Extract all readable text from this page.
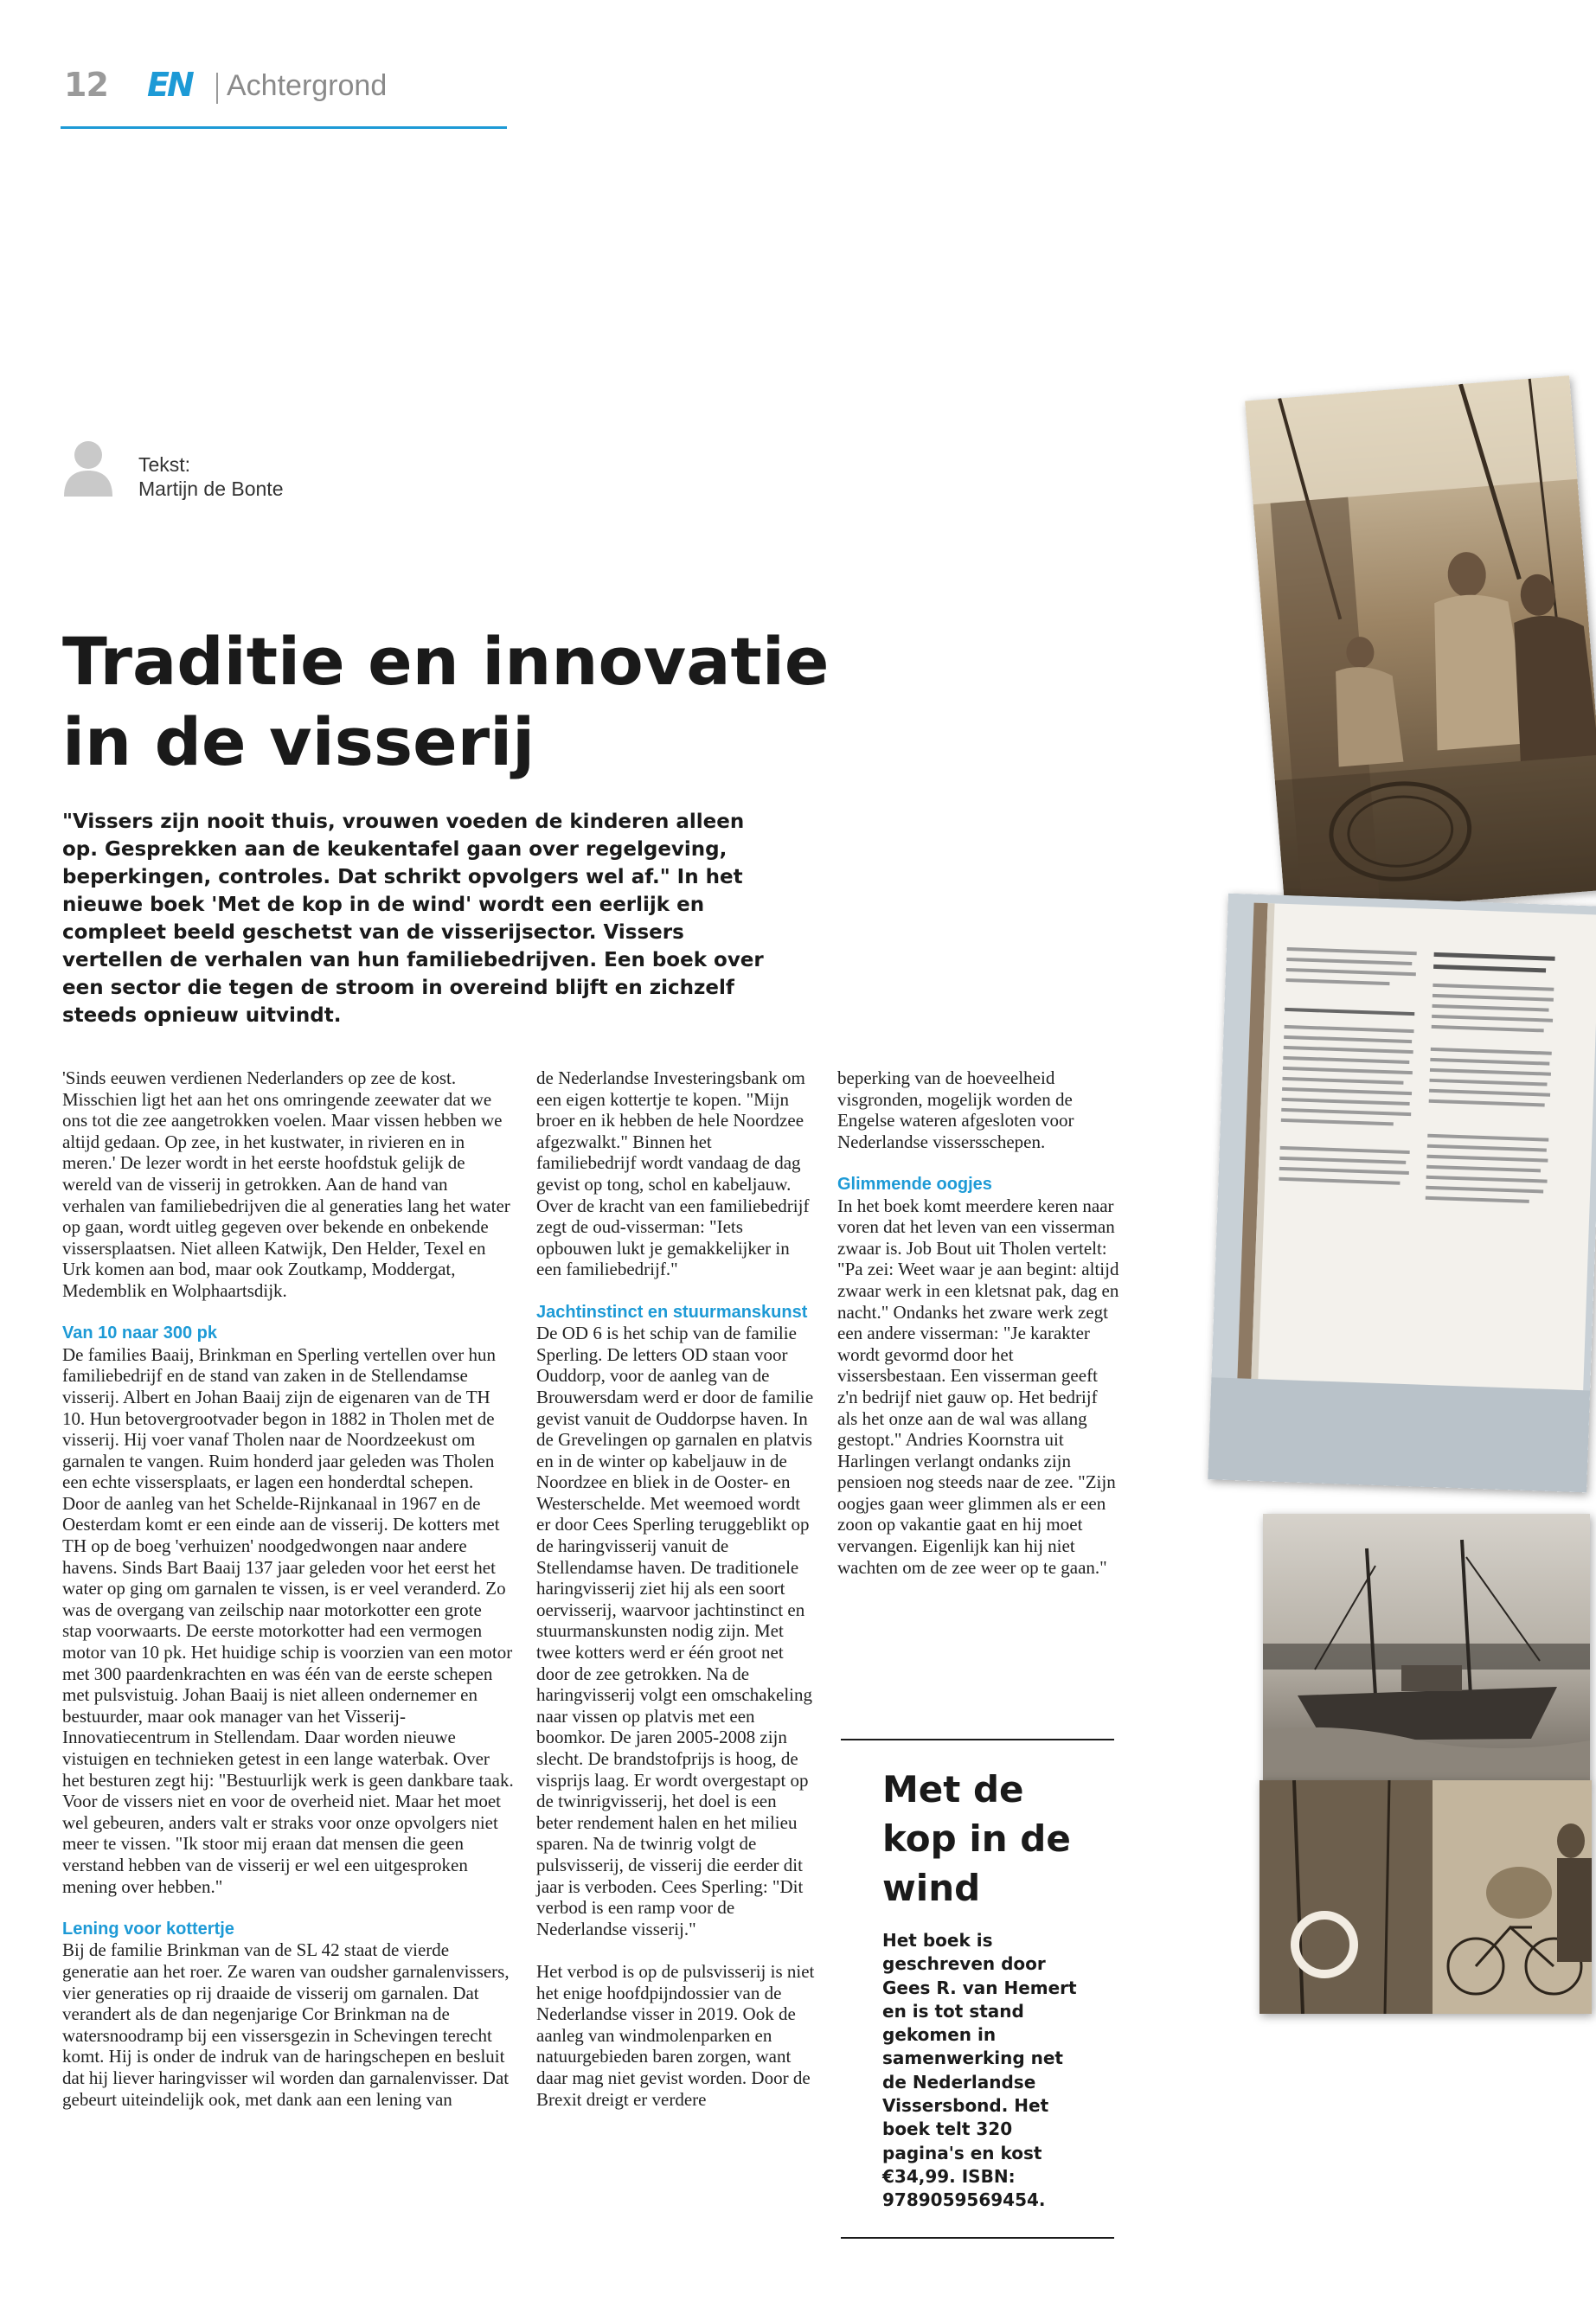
12 EN Achtergrond
Tekst:
Martijn de Bonte
Traditie en innovatie
in de visserij
"Vissers zijn nooit thuis, vrouwen voeden de kinderen alleen op. Gesprekken aan de keukentafel gaan over regelgeving, beperkingen, controles. Dat schrikt opvolgers wel af." In het nieuwe boek 'Met de kop in de wind' wordt een eerlijk en compleet beeld geschetst van de visserijsector. Vissers vertellen de verhalen van hun familiebedrijven. Een boek over een sector die tegen de stroom in overeind blijft en zichzelf steeds opnieuw uitvindt.

'Sinds eeuwen verdienen Nederlanders op zee de kost. Misschien ligt het aan het ons omringende zeewater dat we ons tot die zee aangetrokken voelen. Maar vissen hebben we altijd gedaan. Op zee, in het kustwater, in rivieren en in meren.' De lezer wordt in het eerste hoofdstuk gelijk de wereld van de visserij in getrokken. Aan de hand van verhalen van familiebedrijven die al generaties lang het water op gaan, wordt uitleg gegeven over bekende en onbekende vissersplaatsen. Niet alleen Katwijk, Den Helder, Texel en Urk komen aan bod, maar ook Zoutkamp, Moddergat, Medemblik en Wolphaartsdijk.

Van 10 naar 300 pk

De families Baaij, Brinkman en Sperling vertellen over hun familiebedrijf en de stand van zaken in de Stellendamse visserij. Albert en Johan Baaij zijn de eigenaren van de TH 10. Hun betovergrootvader begon in 1882 in Tholen met de visserij. Hij voer vanaf Tholen naar de Noordzeekust om garnalen te vangen. Ruim honderd jaar geleden was Tholen een echte vissersplaats, er lagen een honderdtal schepen. Door de aanleg van het Schelde-Rijnkanaal in 1967 en de Oesterdam komt er een einde aan de visserij. De kotters met TH op de boeg 'verhuizen' noodgedwongen naar andere havens. Sinds Bart Baaij 137 jaar geleden voor het eerst het water op ging om garnalen te vissen, is er veel veranderd. Zo was de overgang van zeilschip naar motorkotter een grote stap voorwaarts. De eerste motorkotter had een vermogen motor van 10 pk. Het huidige schip is voorzien van een motor met 300 paardenkrachten en was één van de eerste schepen met pulsvistuig. Johan Baaij is niet alleen ondernemer en bestuurder, maar ook manager van het Visserij-Innovatiecentrum in Stellendam. Daar worden nieuwe vistuigen en technieken getest in een lange waterbak. Over het besturen zegt hij: "Bestuurlijk werk is geen dankbare taak. Voor de vissers niet en voor de overheid niet. Maar het moet wel gebeuren, anders valt er straks voor onze opvolgers niet meer te vissen. "Ik stoor mij eraan dat mensen die geen verstand hebben van de visserij er wel een uitgesproken mening over hebben."

Lening voor kottertje

Bij de familie Brinkman van de SL 42 staat de vierde generatie aan het roer. Ze waren van oudsher garnalenvissers, vier generaties op rij draaide de visserij om garnalen. Dat verandert als de dan negenjarige Cor Brinkman na de watersnoodramp bij een vissersgezin in Schevingen terecht komt. Hij is onder de indruk van de haringschepen en besluit dat hij liever haringvisser wil worden dan garnalenvisser. Dat gebeurt uiteindelijk ook, met dank aan een lening van

de Nederlandse Investeringsbank om een eigen kottertje te kopen. "Mijn broer en ik hebben de hele Noordzee afgezwalkt." Binnen het familiebedrijf wordt vandaag de dag gevist op tong, schol en kabeljauw. Over de kracht van een familiebedrijf zegt de oud-visserman: "Iets opbouwen lukt je gemakkelijker in een familiebedrijf."

Jachtinstinct en stuurmanskunst

De OD 6 is het schip van de familie Sperling. De letters OD staan voor Ouddorp, voor de aanleg van de Brouwersdam werd er door de familie gevist vanuit de Ouddorpse haven. In de Grevelingen op garnalen en platvis en in de winter op kabeljauw in de Noordzee en bliek in de Ooster- en Westerschelde. Met weemoed wordt er door Cees Sperling teruggeblikt op de haringvisserij vanuit de Stellendamse haven. De traditionele haringvisserij ziet hij als een soort oervisserij, waarvoor jachtinstinct en stuurmanskunsten nodig zijn. Met twee kotters werd er één groot net door de zee getrokken. Na de haringvisserij volgt een omschakeling naar vissen op platvis met een boomkor. De jaren 2005-2008 zijn slecht. De brandstofprijs is hoog, de visprijs laag. Er wordt overgestapt op de twinrigvisserij, het doel is een beter rendement halen en het milieu sparen. Na de twinrig volgt de pulsvisserij, de visserij die eerder dit jaar is verboden. Cees Sperling: "Dit verbod is een ramp voor de Nederlandse visserij."

Het verbod is op de pulsvisserij is niet het enige hoofdpijndossier van de Nederlandse visser in 2019. Ook de aanleg van windmolenparken en natuurgebieden baren zorgen, want daar mag niet gevist worden. Door de Brexit dreigt er verdere

beperking van de hoeveelheid visgronden, mogelijk worden de Engelse wateren afgesloten voor Nederlandse vissersschepen.

Glimmende oogjes

In het boek komt meerdere keren naar voren dat het leven van een visserman zwaar is. Job Bout uit Tholen vertelt: "Pa zei: Weet waar je aan begint: altijd zwaar werk in een kletsnat pak, dag en nacht." Ondanks het zware werk zegt een andere visserman: "Je karakter wordt gevormd door het vissersbestaan. Een visserman geeft z'n bedrijf niet gauw op. Het bedrijf als het onze aan de wal was allang gestopt." Andries Koornstra uit Harlingen verlangt ondanks zijn pensioen nog steeds naar de zee. "Zijn oogjes gaan weer glimmen als er een zoon op vakantie gaat en hij moet vervangen. Eigenlijk kan hij niet wachten om de zee weer op te gaan."

Met de kop in de wind
Het boek is geschreven door Gees R. van Hemert en is tot stand gekomen in samenwerking net de Nederlandse Vissersbond. Het boek telt 320 pagina's en kost €34,99. ISBN: 9789059569454.
